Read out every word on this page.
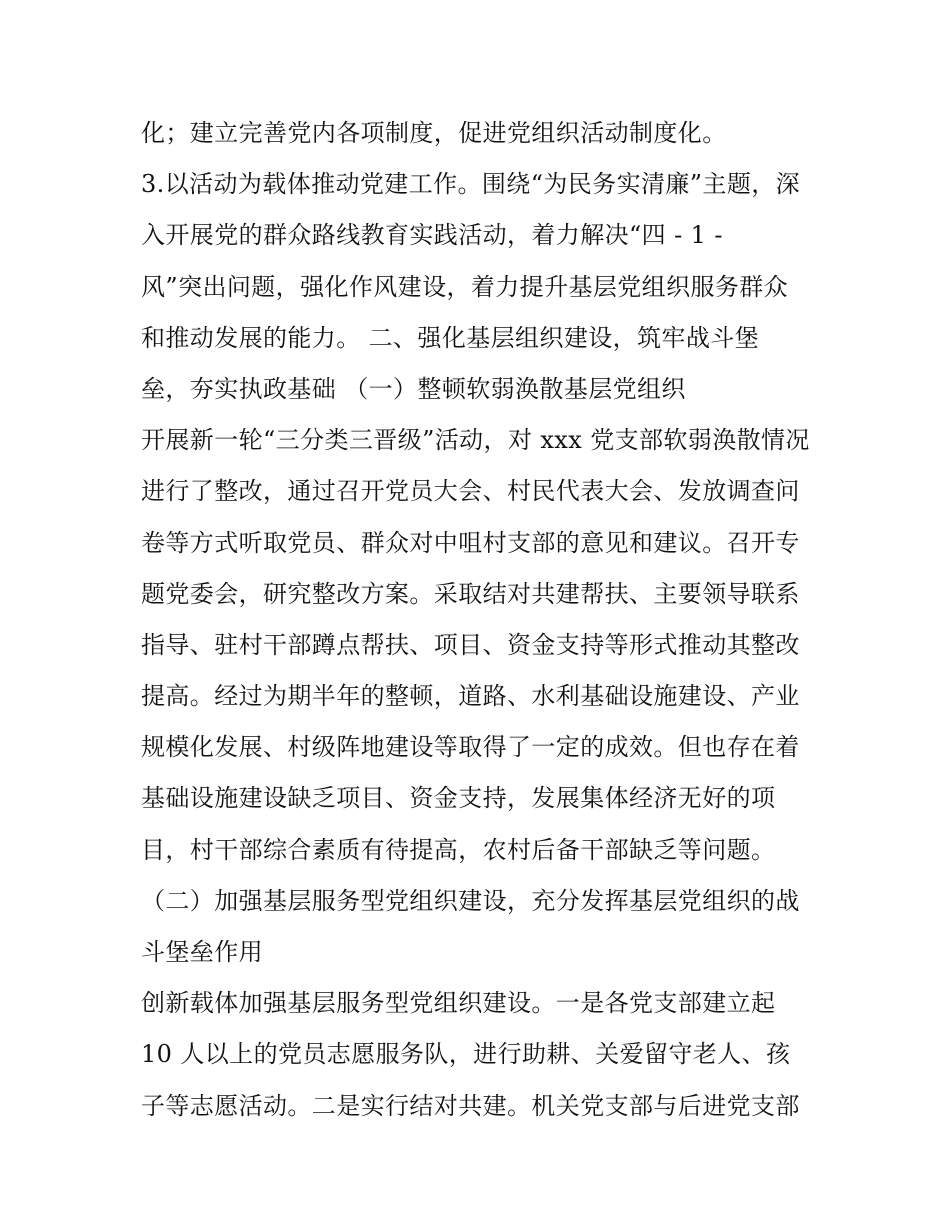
化；建立完善党内各项制度，促进党组织活动制度化。
3.以活动为载体推动党建工作。围绕“为民务实清廉”主题，深
入开展党的群众路线教育实践活动，着力解决“四 - 1 -
风”突出问题，强化作风建设，着力提升基层党组织服务群众
和推动发展的能力。 二、强化基层组织建设，筑牢战斗堡
垒，夯实执政基础 （一）整顿软弱涣散基层党组织
开展新一轮“三分类三晋级”活动，对 xxx 党支部软弱涣散情况
进行了整改，通过召开党员大会、村民代表大会、发放调查问
卷等方式听取党员、群众对中咀村支部的意见和建议。召开专
题党委会，研究整改方案。采取结对共建帮扶、主要领导联系
指导、驻村干部蹲点帮扶、项目、资金支持等形式推动其整改
提高。经过为期半年的整顿，道路、水利基础设施建设、产业
规模化发展、村级阵地建设等取得了一定的成效。但也存在着
基础设施建设缺乏项目、资金支持，发展集体经济无好的项
目，村干部综合素质有待提高，农村后备干部缺乏等问题。
（二）加强基层服务型党组织建设，充分发挥基层党组织的战
斗堡垒作用
创新载体加强基层服务型党组织建设。一是各党支部建立起
10 人以上的党员志愿服务队，进行助耕、关爱留守老人、孩
子等志愿活动。二是实行结对共建。机关党支部与后进党支部
